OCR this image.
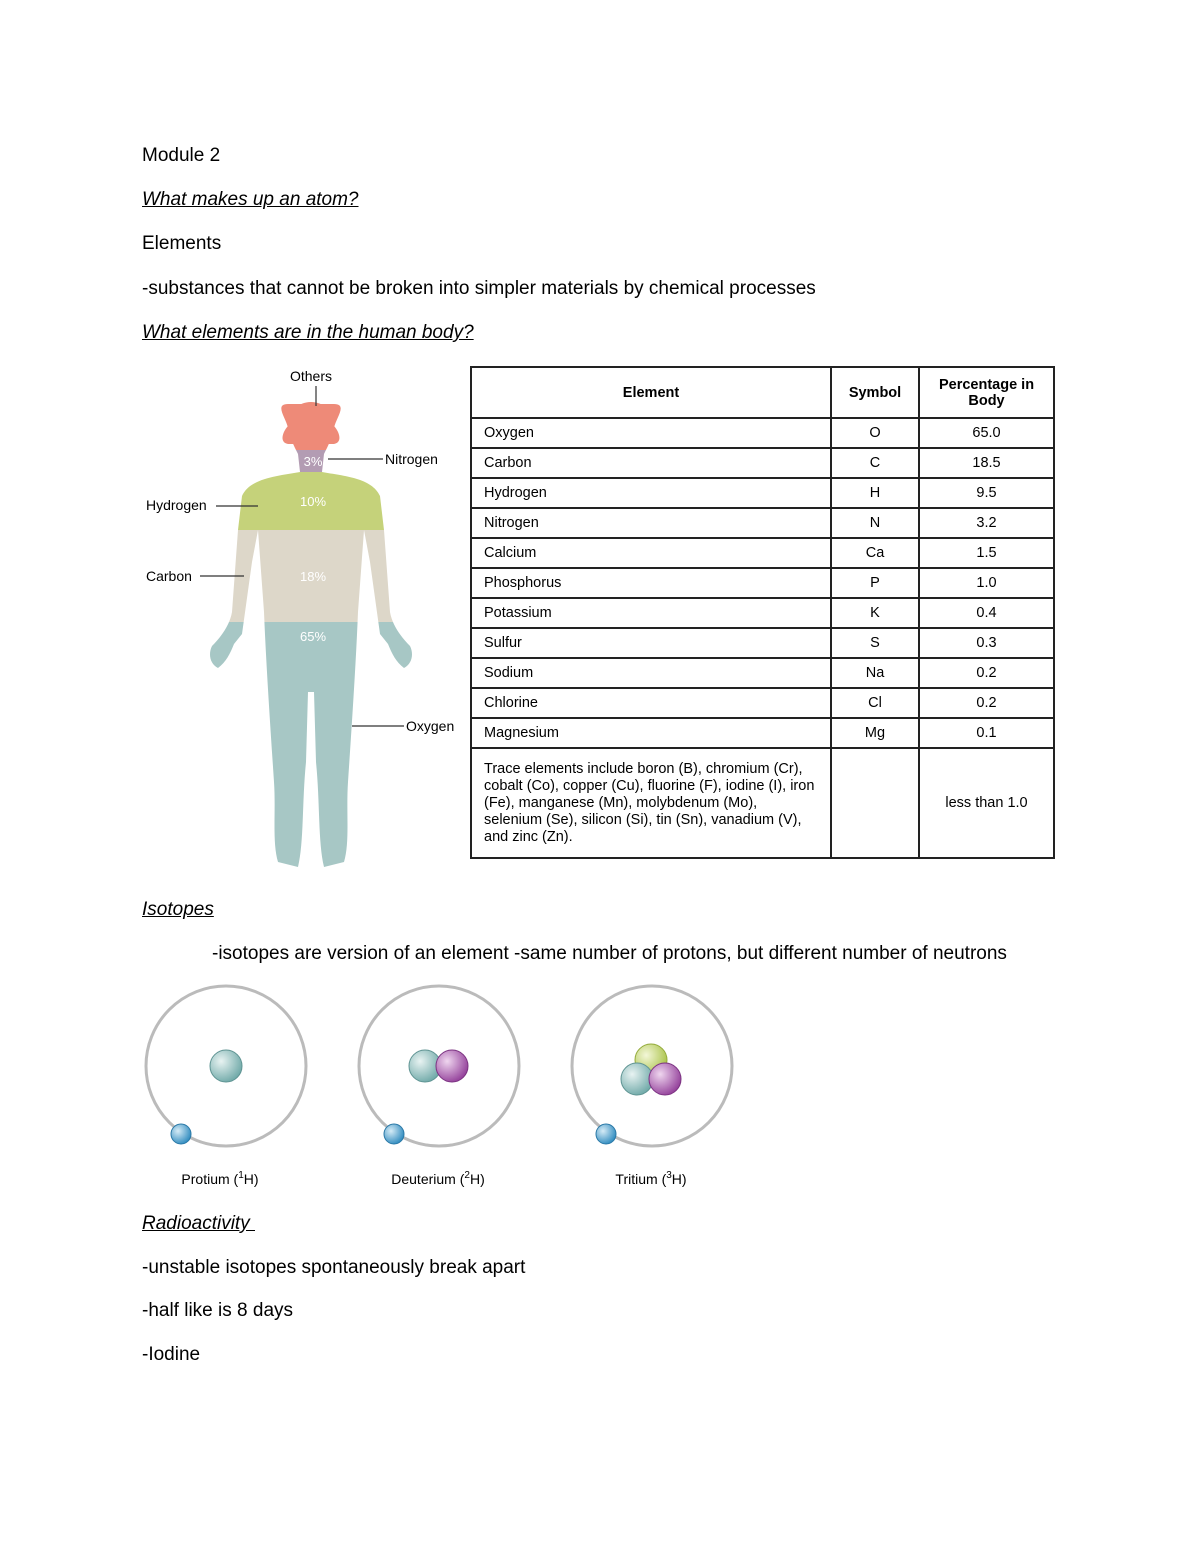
Module 2
What makes up an atom?
Elements
-substances that cannot be broken into simpler materials by chemical processes
What elements are in the human body?
Others
3%	Nitrogen
10%
Hydrogen
18%
Carbon
65%
Oxygen
Element	Symbol	Percentage in Body
Oxygen	O	65.0
Carbon	C	18.5
Hydrogen	H	9.5
Nitrogen	N	3.2
Calcium	Ca	1.5
Phosphorus	P	1.0
Potassium	K	0.4
Sulfur	S	0.3
Sodium	Na	0.2
Chlorine	Cl	0.2
Magnesium	Mg	0.1
Trace elements include boron (B), chromium (Cr), cobalt (Co), copper (Cu), fluorine (F), iodine (I), iron (Fe), manganese (Mn), molybdenum (Mo), selenium (Se), silicon (Si), tin (Sn), vanadium (V), and zinc (Zn).		less than 1.0
Isotopes
-isotopes are version of an element -same number of protons, but different number of neutrons
Protium ($^1$H)	Deuterium ($^2$H)	Tritium ($^3$H)
Radioactivity
-unstable isotopes spontaneously break apart
-half like is 8 days
-Iodine
